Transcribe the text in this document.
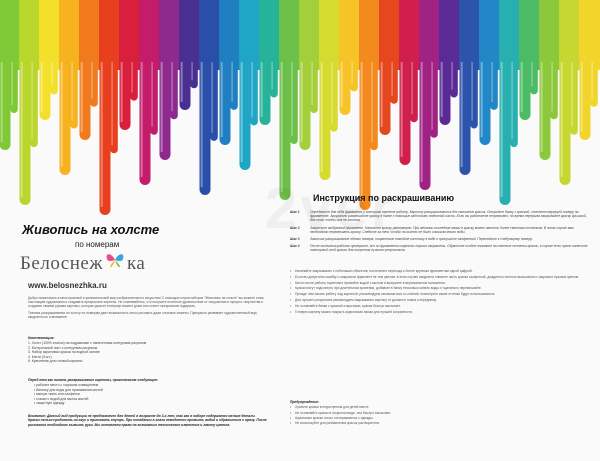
Живопись на холсте
по номерам
Белоснеж ка
www.belosnezhka.ru

Добро пожаловать в многогранный и увлекательный мир изобразительного искусства! С помощью серии наборов "Живопись на холсте" вы можете стать настоящим художником и создавать прекрасные картины. Не сомневайтесь, что получите истинное удовольствие от погружения в процесс творчества и создание своими руками картины, которая украсит интерьер вашего дома или станет прекрасным подарком.

Техника раскрашивания по холсту по номерам дает возможность легко рисовать даже сложные сюжеты. Прекрасно развивает художественный вкус, аккуратность и внимание.

Комплектация:
1. Холст (100% хлопок) на подрамнике с нанесенным контурным рисунком
2. Контрольный лист с контурным рисунком
3. Набор акриловых красок на водной основе
4. Кисти (3 шт.)
5. Крепление для готовой картины
Перед тем как начать раскрашивание картины, приготовьте следующее:
• рабочее место с хорошим освещением
• баночку для воды для промывания кистей
• мягкую ткань или салфетки
• стакан с водой для мытья кистей
• защитную одежду
Внимание: Данный вид продукции не предназначен для детей в возрасте до 3-х лет, так как в наборе содержатся мелкие детали. Краски нельзя пробовать на вкус и принимать внутрь. При попадании в глаза немедленно промыть водой и обратиться к врачу. После рисования необходимо вымыть руки. Мы оставляем право на возможные технические изменения и замену цветов.
Инструкция по раскрашиванию
Шаг 1	Определите для себя фрагмент, с которого начнете работу. Картину раскрашиваются без смешения красок. Откройте банку с краской, соответствующей номеру на фрагменте. Аккуратно размешайте краску в банке с помощью заботливо поднятой кисти. Если вы работаете непрерывно, на время перерыва накрывайте краску крышкой, для того чтобы она не засохла.
Шаг 2	Закрасьте выбранный фрагмент. Наносите краску равномерно. При желании последние мазки в краску можно нанести более светлым оттенком. В этом случае вам необходимо перемешать краску. Следите за тем, чтобы на кистях не было слишком много воды.
Шаг 3	Закончив раскрашивание одного номера, тщательно помойте кисточку в воде и просушите салфеткой. Переходите к следующему номеру.
Шаг 4	После окончания работы проверьте, все ли фрагменты картины хорошо закрашены. Обратите особое внимание на светлые оттенки красок, в случае если нужно нанесите повторный слой краски для получения лучшего результата.
• Начинайте закрашивать с небольших объектов, постепенно переходя к более крупным фрагментам одной цифрой.
• Если вы допустили ошибку и закрасили фрагмент не тем цветом, в этом случае аккуратно снимите часть краски салфеткой, дождитесь полного высыхания и закрасьте нужным цветом.
• Кисти после работы тщательно промойте водой с мылом и высушите в вертикальном положении.
• Краски могут подсохнуть при длительном хранении, добавьте в банку несколько капель воды и тщательно перемешайте.
• Прежде чем начать работу над картиной, рекомендуем ознакомиться со схемой, посмотрите какие оттенки будут использоваться.
• Для лучшего результата рекомендуем закрашивать картину от дальнего плана к переднему.
• Не оставляйте банки с краской открытыми, краска быстро высыхает.
• Готовую картину можно покрыть акриловым лаком для лучшей сохранности.
Предупреждение:
• Храните краски в недоступном для детей месте.
• Не оставляйте краски в открытом виде, они быстро высыхают.
• Акриловые краски плохо отстирываются с одежды.
• Не используйте для разбавления красок растворители.
